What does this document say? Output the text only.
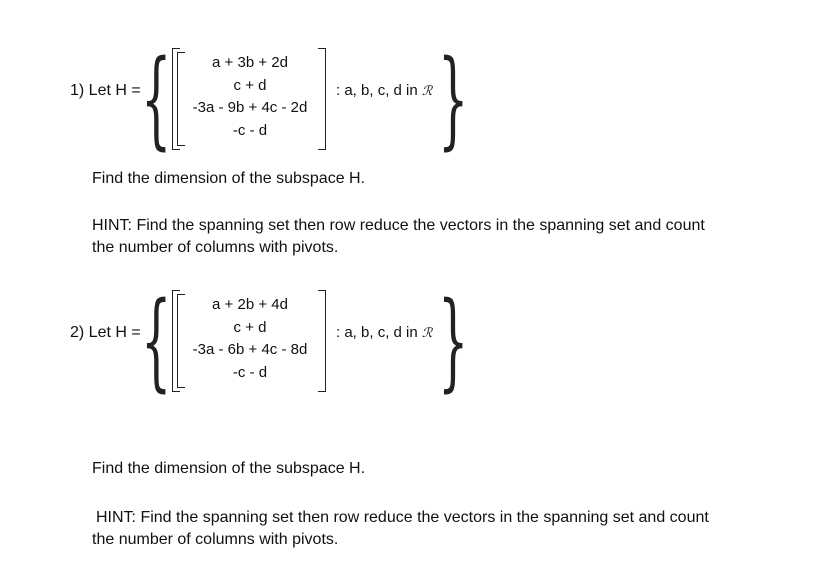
1) Let H = {	a + 3b + 2d
c + d
-3a - 9b + 4c - 2d
-c - d
: a, b, c, d in ℛ }
Find the dimension of the subspace H.
HINT: Find the spanning set then row reduce the vectors in the spanning set and count
the number of columns with pivots.
2) Let H = {	a + 2b + 4d
c + d
-3a - 6b + 4c - 8d
-c - d
: a, b, c, d in ℛ }
Find the dimension of the subspace H.
HINT: Find the spanning set then row reduce the vectors in the spanning set and count
the number of columns with pivots.
